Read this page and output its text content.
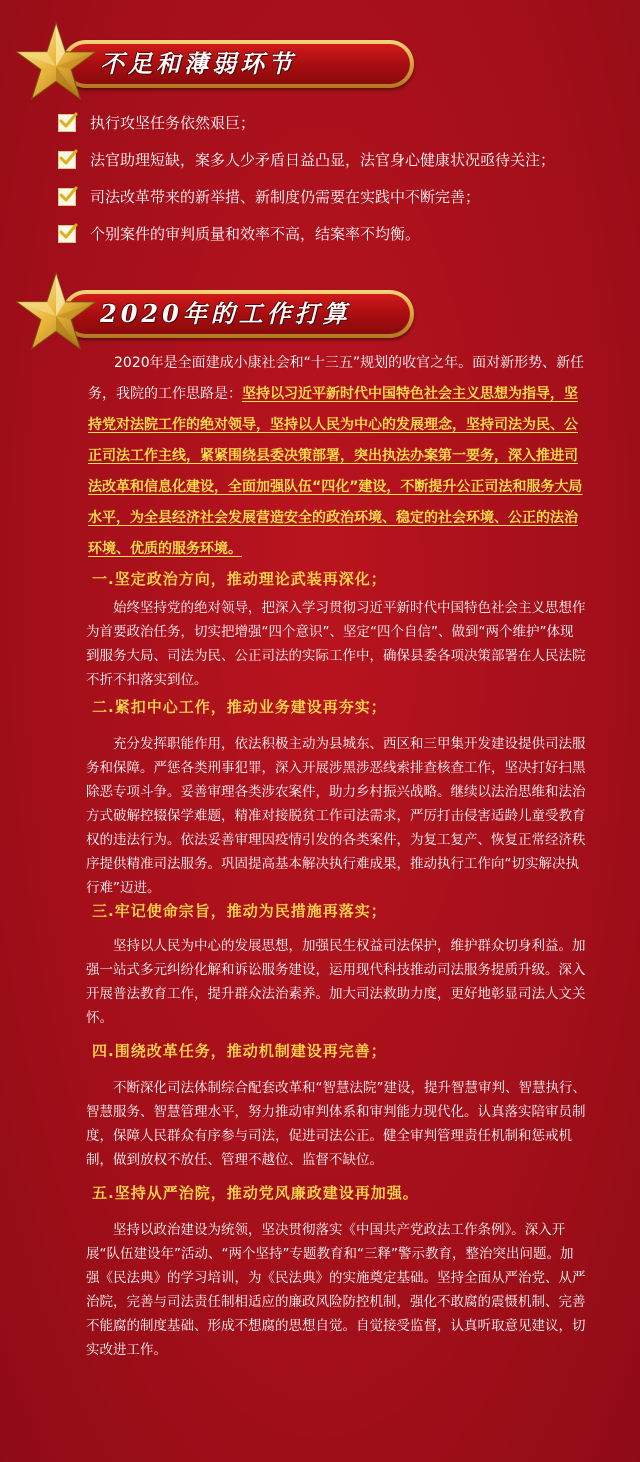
不足和薄弱环节
执行攻坚任务依然艰巨；
法官助理短缺，案多人少矛盾日益凸显，法官身心健康状况亟待关注；
司法改革带来的新举措、新制度仍需要在实践中不断完善；
个别案件的审判质量和效率不高，结案率不均衡。
2020年的工作打算
2020年是全面建成小康社会和“十三五”规划的收官之年。面对新形势、新任务，我院的工作思路是：坚持以习近平新时代中国特色社会主义思想为指导，坚持党对法院工作的绝对领导，坚持以人民为中心的发展理念，坚持司法为民、公正司法工作主线，紧紧围绕县委决策部署，突出执法办案第一要务，深入推进司法改革和信息化建设，全面加强队伍“四化”建设，不断提升公正司法和服务大局水平，为全县经济社会发展营造安全的政治环境、稳定的社会环境、公正的法治环境、优质的服务环境。
一.坚定政治方向，推动理论武装再深化；

始终坚持党的绝对领导，把深入学习贯彻习近平新时代中国特色社会主义思想作为首要政治任务，切实把增强“四个意识”、坚定“四个自信”、做到“两个维护”体现到服务大局、司法为民、公正司法的实际工作中，确保县委各项决策部署在人民法院不折不扣落实到位。

二.紧扣中心工作，推动业务建设再夯实；

充分发挥职能作用，依法积极主动为县城东、西区和三甲集开发建设提供司法服务和保障。严惩各类刑事犯罪，深入开展涉黑涉恶线索排查核查工作，坚决打好扫黑除恶专项斗争。妥善审理各类涉农案件，助力乡村振兴战略。继续以法治思维和法治方式破解控辍保学难题，精准对接脱贫工作司法需求，严厉打击侵害适龄儿童受教育权的违法行为。依法妥善审理因疫情引发的各类案件，为复工复产、恢复正常经济秩序提供精准司法服务。巩固提高基本解决执行难成果，推动执行工作向“切实解决执行难”迈进。

三.牢记使命宗旨，推动为民措施再落实；

坚持以人民为中心的发展思想，加强民生权益司法保护，维护群众切身利益。加强一站式多元纠纷化解和诉讼服务建设，运用现代科技推动司法服务提质升级。深入开展普法教育工作，提升群众法治素养。加大司法救助力度，更好地彰显司法人文关怀。

四.围绕改革任务，推动机制建设再完善；

不断深化司法体制综合配套改革和“智慧法院”建设，提升智慧审判、智慧执行、智慧服务、智慧管理水平，努力推动审判体系和审判能力现代化。认真落实陪审员制度，保障人民群众有序参与司法，促进司法公正。健全审判管理责任机制和惩戒机制，做到放权不放任、管理不越位、监督不缺位。

五.坚持从严治院，推动党风廉政建设再加强。

坚持以政治建设为统领，坚决贯彻落实《中国共产党政法工作条例》。深入开展“队伍建设年”活动、“两个坚持”专题教育和“三释”警示教育，整治突出问题。加强《民法典》的学习培训，为《民法典》的实施奠定基础。坚持全面从严治党、从严治院，完善与司法责任制相适应的廉政风险防控机制，强化不敢腐的震慑机制、完善不能腐的制度基础、形成不想腐的思想自觉。自觉接受监督，认真听取意见建议，切实改进工作。
